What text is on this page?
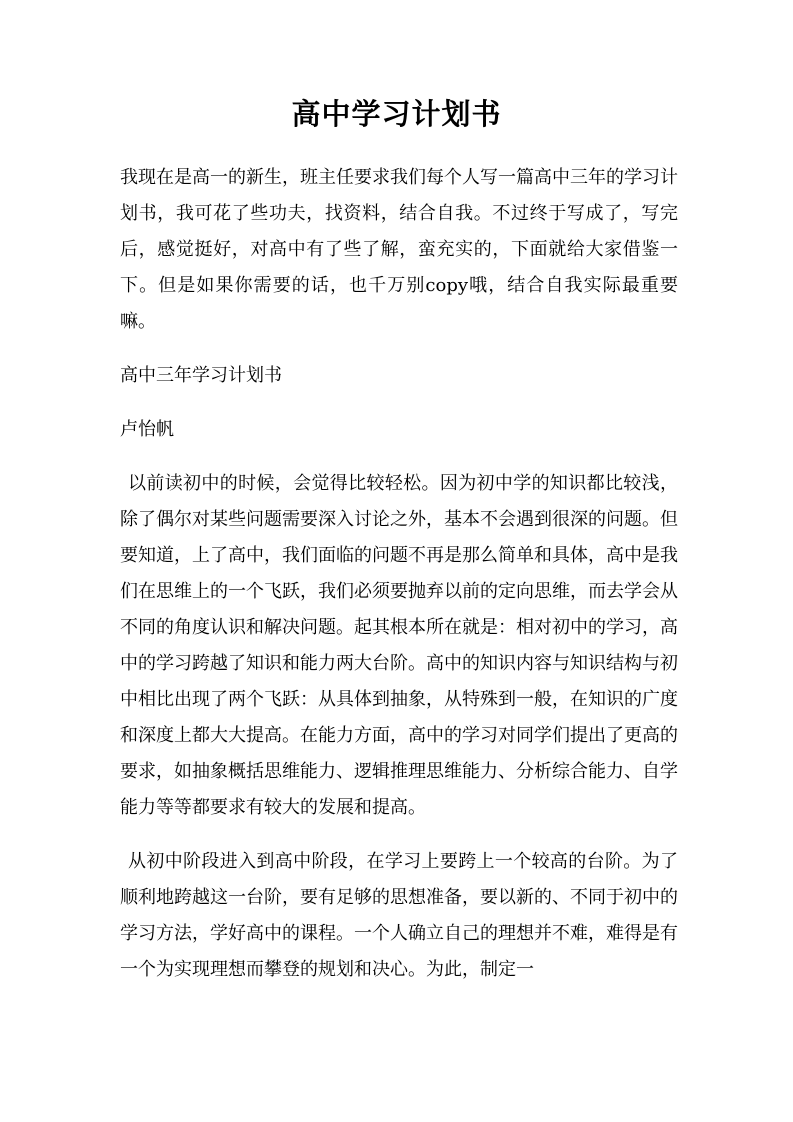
高中学习计划书

我现在是高一的新生，班主任要求我们每个人写一篇高中三年的学习计划书，我可花了些功夫，找资料，结合自我。不过终于写成了，写完后，感觉挺好，对高中有了些了解，蛮充实的，下面就给大家借鉴一下。但是如果你需要的话，也千万别copy哦，结合自我实际最重要嘛。

高中三年学习计划书

卢怡帆

以前读初中的时候，会觉得比较轻松。因为初中学的知识都比较浅，除了偶尔对某些问题需要深入讨论之外，基本不会遇到很深的问题。但要知道，上了高中，我们面临的问题不再是那么简单和具体，高中是我们在思维上的一个飞跃，我们必须要抛弃以前的定向思维，而去学会从不同的角度认识和解决问题。起其根本所在就是：相对初中的学习，高中的学习跨越了知识和能力两大台阶。高中的知识内容与知识结构与初中相比出现了两个飞跃：从具体到抽象，从特殊到一般，在知识的广度和深度上都大大提高。在能力方面，高中的学习对同学们提出了更高的要求，如抽象概括思维能力、逻辑推理思维能力、分析综合能力、自学能力等等都要求有较大的发展和提高。

从初中阶段进入到高中阶段，在学习上要跨上一个较高的台阶。为了顺利地跨越这一台阶，要有足够的思想准备，要以新的、不同于初中的学习方法，学好高中的课程。一个人确立自己的理想并不难，难得是有一个为实现理想而攀登的规划和决心。为此，制定一
